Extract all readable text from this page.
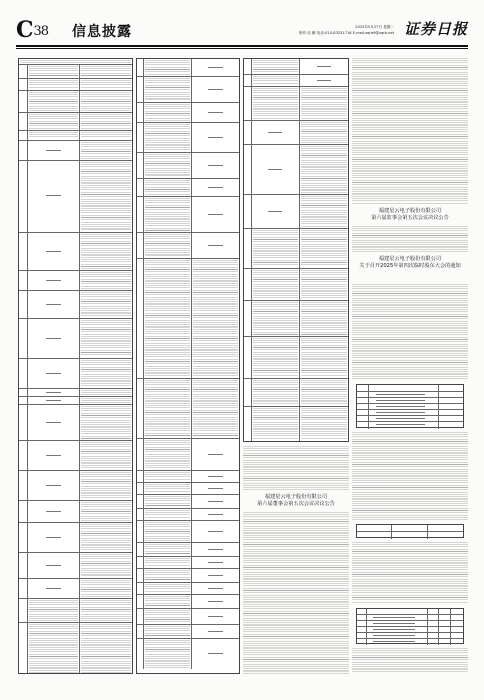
C38 信息披露	2025年5月27日 星期二
制作:吴 鹏 电话:010-83251716 E-mail:zqrb9@zqrb.net 证券日报
福建星云电子股份有限公司
第六届董事会第五次会议决议公告
福建星云电子股份有限公司
第六届监事会第五次会议决议公告
福建星云电子股份有限公司
关于召开2025年第四次临时股东大会的通知
